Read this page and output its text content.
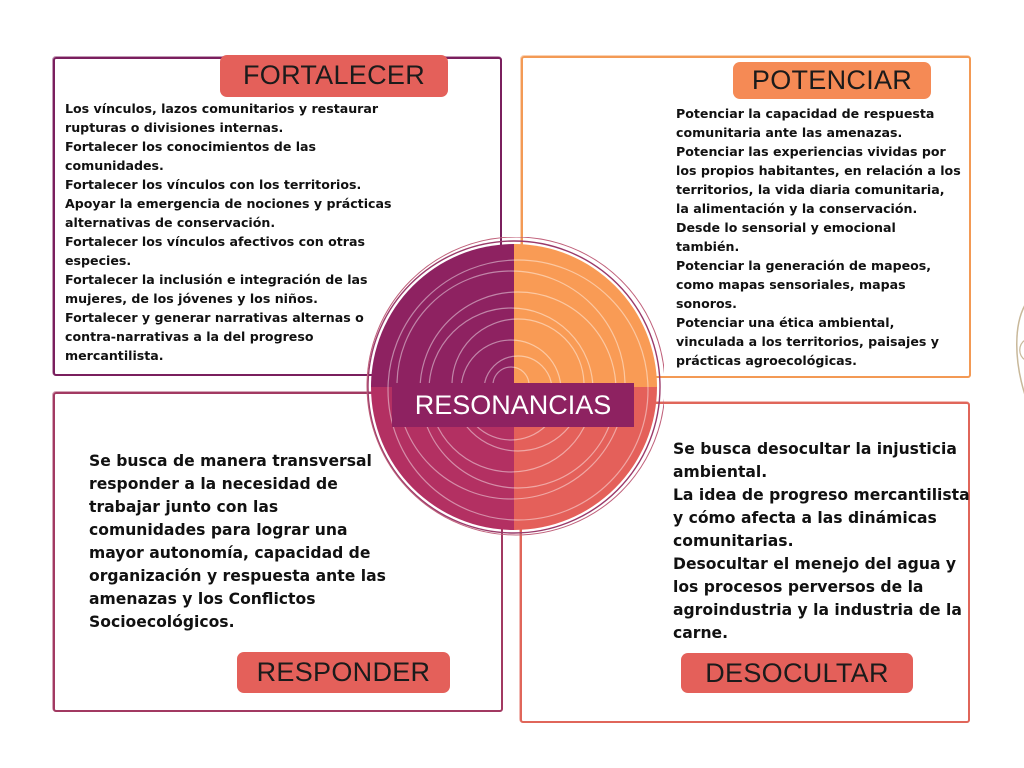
FORTALECER	POTENCIAR
RESPONDER	DESOCULTAR
Los vínculos, lazos comunitarios y restaurar
rupturas o divisiones internas.
Fortalecer los conocimientos de las
comunidades.
Fortalecer los vínculos con los territorios.
Apoyar la emergencia de nociones y prácticas
alternativas de conservación.
Fortalecer los vínculos afectivos con otras
especies.
Fortalecer la inclusión e integración de las
mujeres, de los jóvenes y los niños.
Fortalecer y generar narrativas alternas o
contra-narrativas a la del progreso
mercantilista.
Potenciar la capacidad de respuesta
comunitaria ante las amenazas.
Potenciar las experiencias vividas por
los propios habitantes, en relación a los
territorios, la vida diaria comunitaria,
la alimentación y la conservación.
Desde lo sensorial y emocional
también.
Potenciar la generación de mapeos,
como mapas sensoriales, mapas
sonoros.
Potenciar una ética ambiental,
vinculada a los territorios, paisajes y
prácticas agroecológicas.
Se busca de manera transversal
responder a la necesidad de
trabajar junto con las
comunidades para lograr una
mayor autonomía, capacidad de
organización y respuesta ante las
amenazas y los Conflictos
Socioecológicos.
Se busca desocultar la injusticia
ambiental.
La idea de progreso mercantilista
y cómo afecta a las dinámicas
comunitarias.
Desocultar el menejo del agua y
los procesos perversos de la
agroindustria y la industria de la
carne.
RESONANCIAS
